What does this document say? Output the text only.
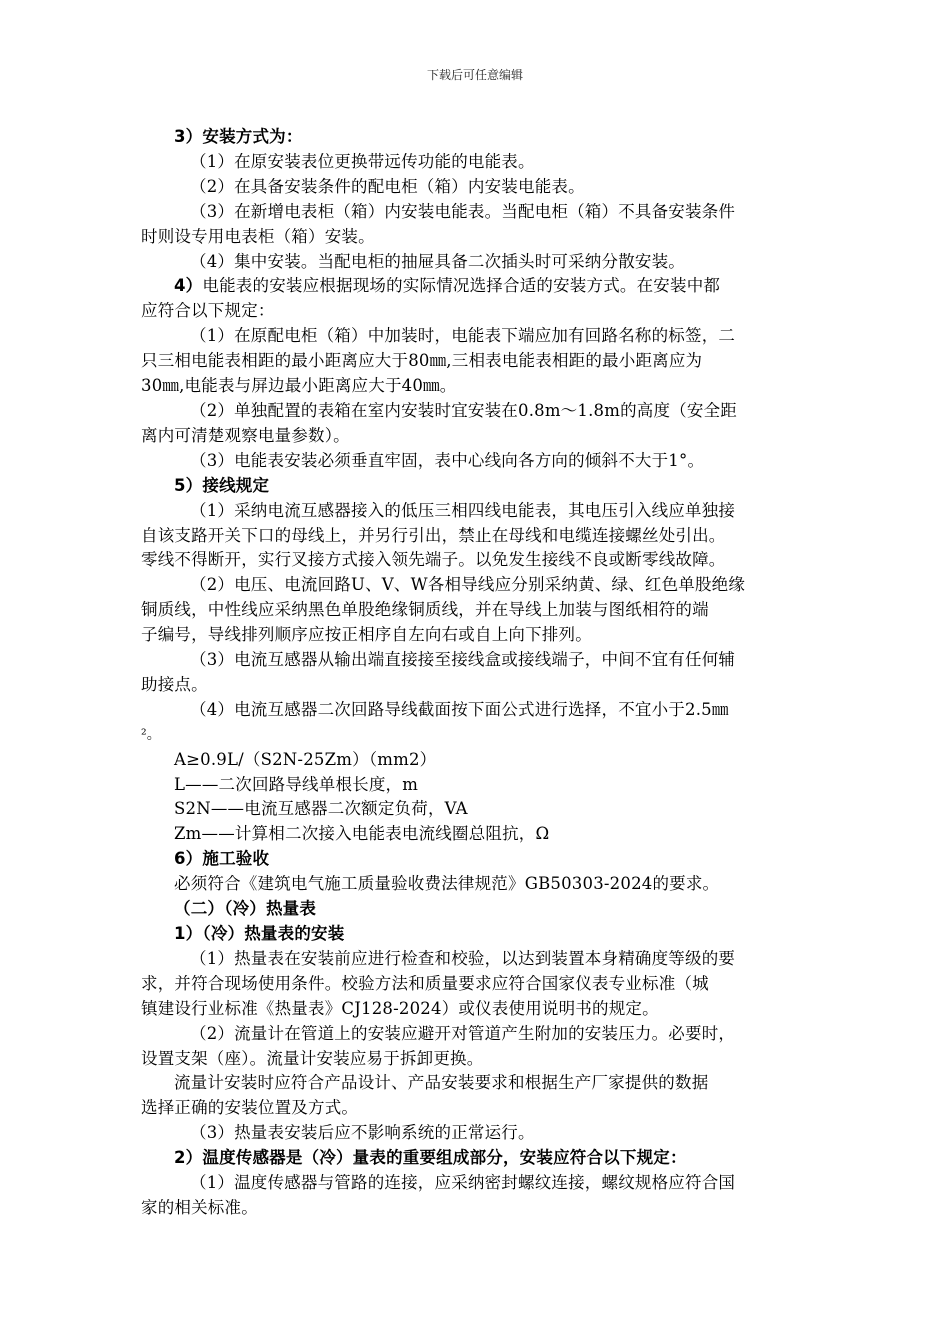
下载后可任意编辑
3）安装方式为：
（1）在原安装表位更换带远传功能的电能表。
（2）在具备安装条件的配电柜（箱）内安装电能表。
（3）在新增电表柜（箱）内安装电能表。当配电柜（箱）不具备安装条件
时则设专用电表柜（箱）安装。
（4）集中安装。当配电柜的抽屉具备二次插头时可采纳分散安装。
4）电能表的安装应根据现场的实际情况选择合适的安装方式。在安装中都
应符合以下规定：
（1）在原配电柜（箱）中加装时，电能表下端应加有回路名称的标签，二
只三相电能表相距的最小距离应大于80㎜,三相表电能表相距的最小距离应为
30㎜,电能表与屏边最小距离应大于40㎜。
（2）单独配置的表箱在室内安装时宜安装在0.8m～1.8m的高度（安全距
离内可清楚观察电量参数）。
（3）电能表安装必须垂直牢固，表中心线向各方向的倾斜不大于1°。
5）接线规定
（1）采纳电流互感器接入的低压三相四线电能表，其电压引入线应单独接
自该支路开关下口的母线上，并另行引出，禁止在母线和电缆连接螺丝处引出。
零线不得断开，实行叉接方式接入领先端子。以免发生接线不良或断零线故障。
（2）电压、电流回路U、V、W各相导线应分别采纳黄、绿、红色单股绝缘
铜质线，中性线应采纳黑色单股绝缘铜质线，并在导线上加装与图纸相符的端
子编号，导线排列顺序应按正相序自左向右或自上向下排列。
（3）电流互感器从输出端直接接至接线盒或接线端子，中间不宜有任何辅
助接点。
（4）电流互感器二次回路导线截面按下面公式进行选择，不宜小于2.5㎜
²。
A≥0.9L/（S2N-25Zm）（mm2）
L——二次回路导线单根长度，m
S2N——电流互感器二次额定负荷，VA
Zm——计算相二次接入电能表电流线圈总阻抗，Ω
6）施工验收
必须符合《建筑电气施工质量验收费法律规范》GB50303-2024的要求。
（二）（冷）热量表
1）（冷）热量表的安装
（1）热量表在安装前应进行检查和校验，以达到装置本身精确度等级的要
求，并符合现场使用条件。校验方法和质量要求应符合国家仪表专业标准（城
镇建设行业标准《热量表》CJ128-2024）或仪表使用说明书的规定。
（2）流量计在管道上的安装应避开对管道产生附加的安装压力。必要时，
设置支架（座）。流量计安装应易于拆卸更换。
流量计安装时应符合产品设计、产品安装要求和根据生产厂家提供的数据
选择正确的安装位置及方式。
（3）热量表安装后应不影响系统的正常运行。
2）温度传感器是（冷）量表的重要组成部分，安装应符合以下规定：
（1）温度传感器与管路的连接，应采纳密封螺纹连接，螺纹规格应符合国
家的相关标准。
